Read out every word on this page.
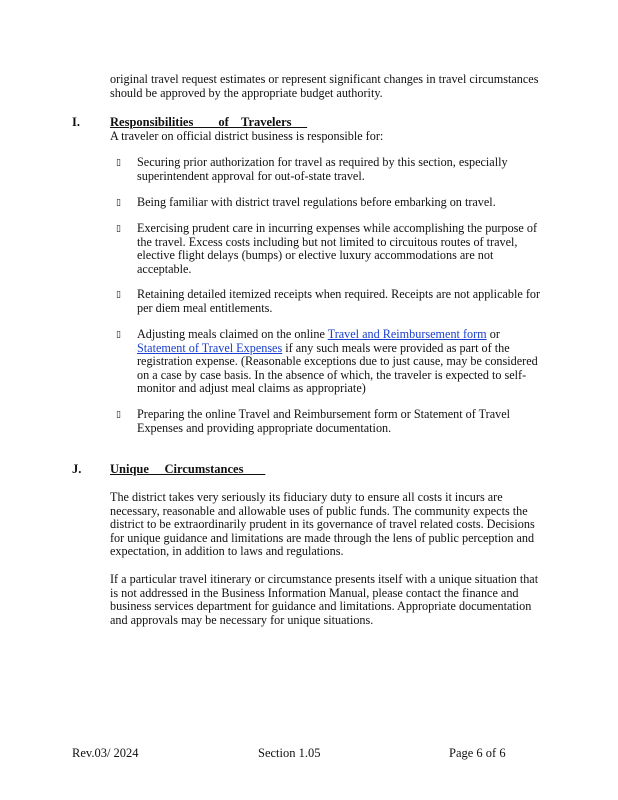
original travel request estimates or represent significant changes in travel circumstances should be approved by the appropriate budget authority.
I. Responsibilities        of    Travelers
A traveler on official district business is responsible for:
▯ Securing prior authorization for travel as required by this section, especially superintendent approval for out-of-state travel.
▯ Being familiar with district travel regulations before embarking on travel.
▯ Exercising prudent care in incurring expenses while accomplishing the purpose of the travel. Excess costs including but not limited to circuitous routes of travel, elective flight delays (bumps) or elective luxury accommodations are not acceptable.
▯ Retaining detailed itemized receipts when required. Receipts are not applicable for per diem meal entitlements.
▯ Adjusting meals claimed on the online Travel and Reimbursement form or Statement of Travel Expenses if any such meals were provided as part of the registration expense. (Reasonable exceptions due to just cause, may be considered on a case by case basis. In the absence of which, the traveler is expected to self-monitor and adjust meal claims as appropriate)
▯ Preparing the online Travel and Reimbursement form or Statement of Travel Expenses and providing appropriate documentation.
J. Unique     Circumstances
The district takes very seriously its fiduciary duty to ensure all costs it incurs are necessary, reasonable and allowable uses of public funds. The community expects the district to be extraordinarily prudent in its governance of travel related costs. Decisions for unique guidance and limitations are made through the lens of public perception and expectation, in addition to laws and regulations.
If a particular travel itinerary or circumstance presents itself with a unique situation that is not addressed in the Business Information Manual, please contact the finance and business services department for guidance and limitations. Appropriate documentation and approvals may be necessary for unique situations.
Rev.03/ 2024	Section 1.05	Page 6 of 6
